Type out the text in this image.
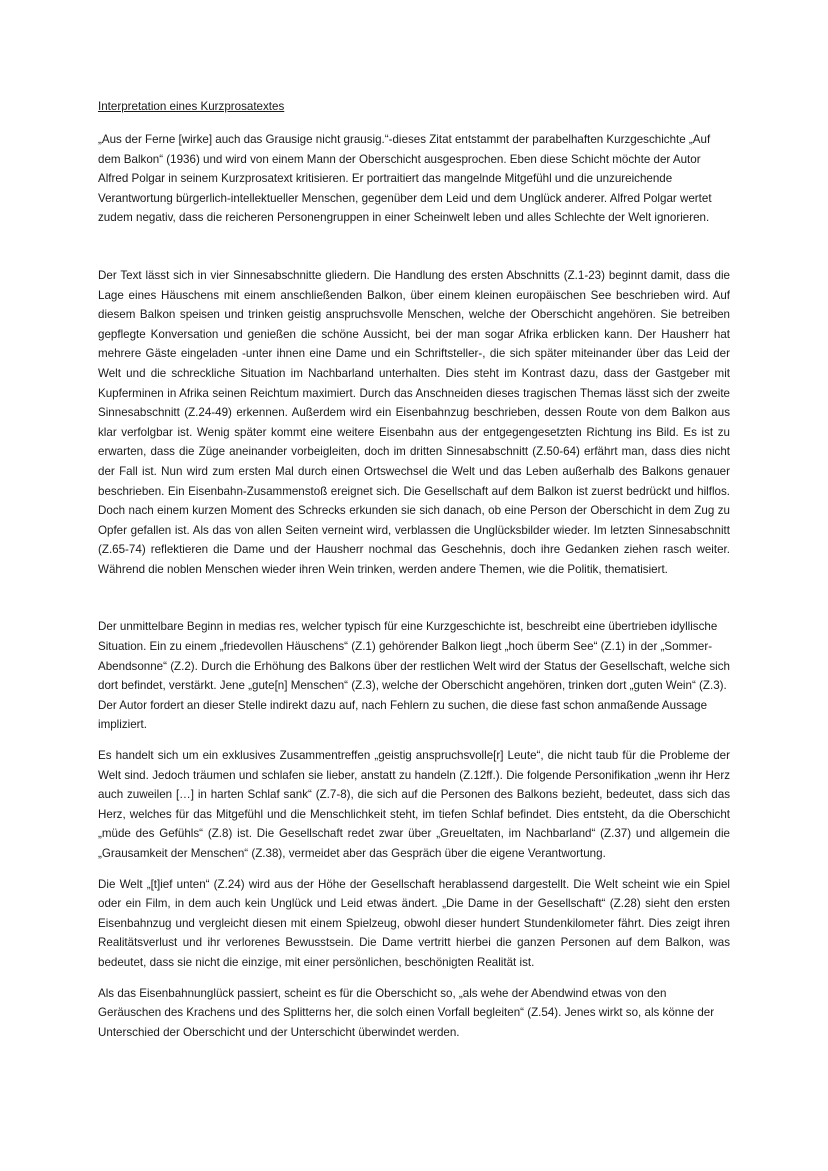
Interpretation eines Kurzprosatextes

„Aus der Ferne [wirke] auch das Grausige nicht grausig.“-dieses Zitat entstammt der parabelhaften Kurzgeschichte „Auf dem Balkon“ (1936) und wird von einem Mann der Oberschicht ausgesprochen. Eben diese Schicht möchte der Autor Alfred Polgar in seinem Kurzprosatext kritisieren. Er portraitiert das mangelnde Mitgefühl und die unzureichende Verantwortung bürgerlich-intellektueller Menschen, gegenüber dem Leid und dem Unglück anderer. Alfred Polgar wertet zudem negativ, dass die reicheren Personengruppen in einer Scheinwelt leben und alles Schlechte der Welt ignorieren.

Der Text lässt sich in vier Sinnesabschnitte gliedern. Die Handlung des ersten Abschnitts (Z.1-23) beginnt damit, dass die Lage eines Häuschens mit einem anschließenden Balkon, über einem kleinen europäischen See beschrieben wird. Auf diesem Balkon speisen und trinken geistig anspruchsvolle Menschen, welche der Oberschicht angehören. Sie betreiben gepflegte Konversation und genießen die schöne Aussicht, bei der man sogar Afrika erblicken kann. Der Hausherr hat mehrere Gäste eingeladen -unter ihnen eine Dame und ein Schriftsteller-, die sich später miteinander über das Leid der Welt und die schreckliche Situation im Nachbarland unterhalten. Dies steht im Kontrast dazu, dass der Gastgeber mit Kupferminen in Afrika seinen Reichtum maximiert. Durch das Anschneiden dieses tragischen Themas lässt sich der zweite Sinnesabschnitt (Z.24-49) erkennen. Außerdem wird ein Eisenbahnzug beschrieben, dessen Route von dem Balkon aus klar verfolgbar ist. Wenig später kommt eine weitere Eisenbahn aus der entgegengesetzten Richtung ins Bild. Es ist zu erwarten, dass die Züge aneinander vorbeigleiten, doch im dritten Sinnesabschnitt (Z.50-64) erfährt man, dass dies nicht der Fall ist. Nun wird zum ersten Mal durch einen Ortswechsel die Welt und das Leben außerhalb des Balkons genauer beschrieben. Ein Eisenbahn-Zusammenstoß ereignet sich. Die Gesellschaft auf dem Balkon ist zuerst bedrückt und hilflos. Doch nach einem kurzen Moment des Schrecks erkunden sie sich danach, ob eine Person der Oberschicht in dem Zug zu Opfer gefallen ist. Als das von allen Seiten verneint wird, verblassen die Unglücksbilder wieder. Im letzten Sinnesabschnitt (Z.65-74) reflektieren die Dame und der Hausherr nochmal das Geschehnis, doch ihre Gedanken ziehen rasch weiter. Während die noblen Menschen wieder ihren Wein trinken, werden andere Themen, wie die Politik, thematisiert.

Der unmittelbare Beginn in medias res, welcher typisch für eine Kurzgeschichte ist, beschreibt eine übertrieben idyllische Situation. Ein zu einem „friedevollen Häuschens“ (Z.1) gehörender Balkon liegt „hoch überm See“ (Z.1) in der „Sommer-Abendsonne“ (Z.2). Durch die Erhöhung des Balkons über der restlichen Welt wird der Status der Gesellschaft, welche sich dort befindet, verstärkt. Jene „gute[n] Menschen“ (Z.3), welche der Oberschicht angehören, trinken dort „guten Wein“ (Z.3). Der Autor fordert an dieser Stelle indirekt dazu auf, nach Fehlern zu suchen, die diese fast schon anmaßende Aussage impliziert.

Es handelt sich um ein exklusives Zusammentreffen „geistig anspruchsvolle[r] Leute“, die nicht taub für die Probleme der Welt sind. Jedoch träumen und schlafen sie lieber, anstatt zu handeln (Z.12ff.). Die folgende Personifikation „wenn ihr Herz auch zuweilen […] in harten Schlaf sank“ (Z.7-8), die sich auf die Personen des Balkons bezieht, bedeutet, dass sich das Herz, welches für das Mitgefühl und die Menschlichkeit steht, im tiefen Schlaf befindet. Dies entsteht, da die Oberschicht „müde des Gefühls“ (Z.8) ist. Die Gesellschaft redet zwar über „Greueltaten, im Nachbarland“ (Z.37) und allgemein die „Grausamkeit der Menschen“ (Z.38), vermeidet aber das Gespräch über die eigene Verantwortung.

Die Welt „[t]ief unten“ (Z.24) wird aus der Höhe der Gesellschaft herablassend dargestellt. Die Welt scheint wie ein Spiel oder ein Film, in dem auch kein Unglück und Leid etwas ändert. „Die Dame in der Gesellschaft“ (Z.28) sieht den ersten Eisenbahnzug und vergleicht diesen mit einem Spielzeug, obwohl dieser hundert Stundenkilometer fährt. Dies zeigt ihren Realitätsverlust und ihr verlorenes Bewusstsein. Die Dame vertritt hierbei die ganzen Personen auf dem Balkon, was bedeutet, dass sie nicht die einzige, mit einer persönlichen, beschönigten Realität ist.

Als das Eisenbahnunglück passiert, scheint es für die Oberschicht so, „als wehe der Abendwind etwas von den Geräuschen des Krachens und des Splitterns her, die solch einen Vorfall begleiten“ (Z.54). Jenes wirkt so, als könne der Unterschied der Oberschicht und der Unterschicht überwindet werden.
